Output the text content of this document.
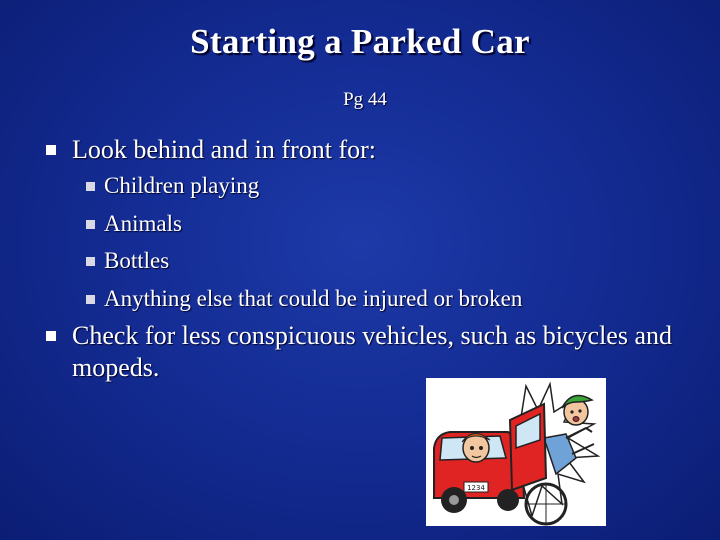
Starting a Parked Car
Pg 44
Look behind and in front for:
Children playing
Animals
Bottles
Anything else that could be injured or broken
Check for less conspicuous vehicles, such as bicycles and mopeds.
1234
